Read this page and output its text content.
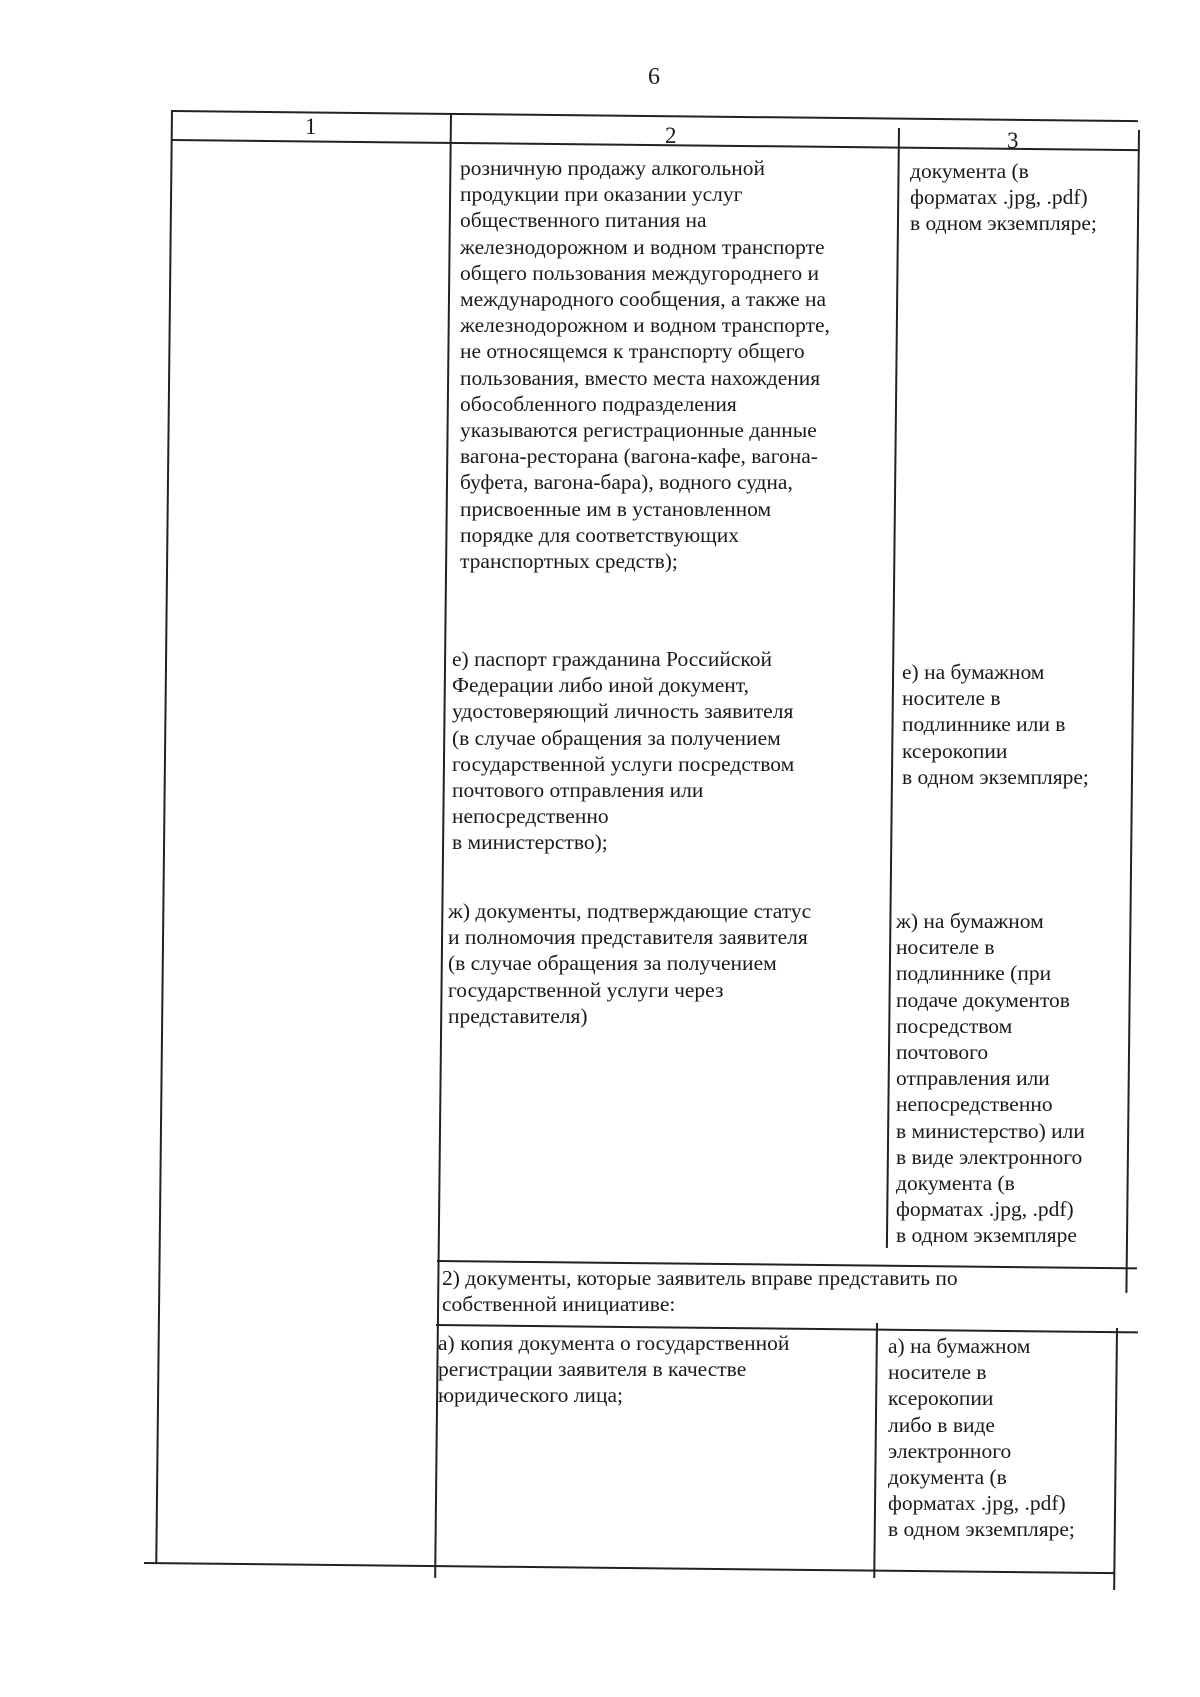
6
1	2	3
розничную продажу алкогольной
продукции при оказании услуг
общественного питания на
железнодорожном и водном транспорте
общего пользования междугороднего и
международного сообщения, а также на
железнодорожном и водном транспорте,
не относящемся к транспорту общего
пользования, вместо места нахождения
обособленного подразделения
указываются регистрационные данные
вагона-ресторана (вагона-кафе, вагона-
буфета, вагона-бара), водного судна,
присвоенные им в установленном
порядке для соответствующих
транспортных средств);
документа (в
форматах .jpg, .pdf)
в одном экземпляре;
е) паспорт гражданина Российской
Федерации либо иной документ,
удостоверяющий личность заявителя
(в случае обращения за получением
государственной услуги посредством
почтового отправления или
непосредственно
в министерство);
е) на бумажном
носителе в
подлиннике или в
ксерокопии
в одном экземпляре;
ж) документы, подтверждающие статус
и полномочия представителя заявителя
(в случае обращения за получением
государственной услуги через
представителя)
ж) на бумажном
носителе в
подлиннике (при
подаче документов
посредством
почтового
отправления или
непосредственно
в министерство) или
в виде электронного
документа (в
форматах .jpg, .pdf)
в одном экземпляре
2) документы, которые заявитель вправе представить по
собственной инициативе:
а) копия документа о государственной
регистрации заявителя в качестве
юридического лица;
а) на бумажном
носителе в
ксерокопии
либо в виде
электронного
документа (в
форматах .jpg, .pdf)
в одном экземпляре;
